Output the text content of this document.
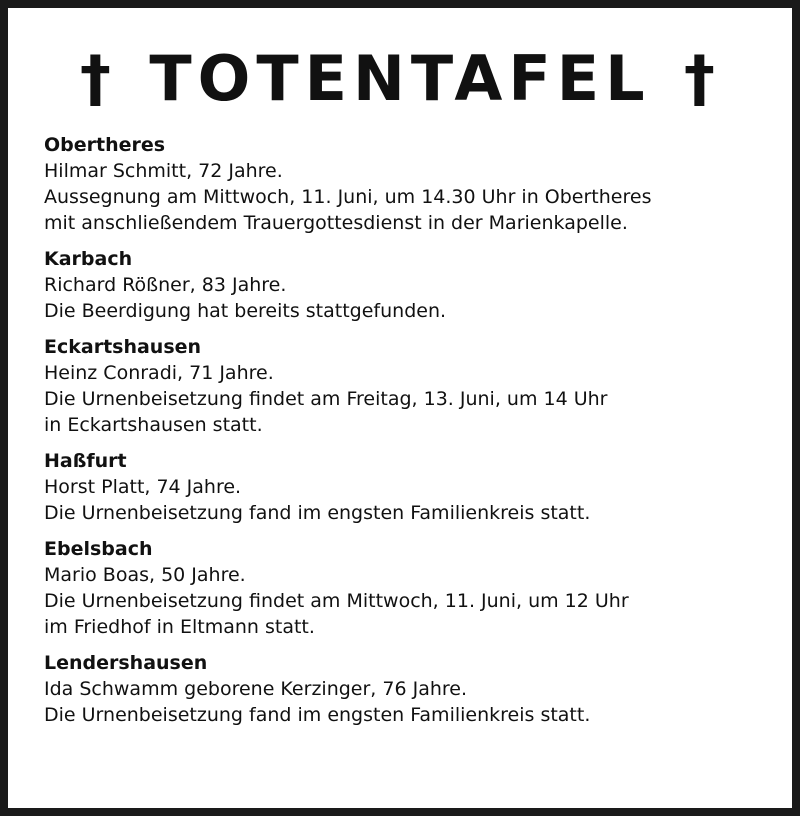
† TOTENTAFEL †
Obertheres
Hilmar Schmitt, 72 Jahre.
Aussegnung am Mittwoch, 11. Juni, um 14.30 Uhr in Obertheres
mit anschließendem Trauergottesdienst in der Marienkapelle.
Karbach
Richard Rößner, 83 Jahre.
Die Beerdigung hat bereits stattgefunden.
Eckartshausen
Heinz Conradi, 71 Jahre.
Die Urnenbeisetzung findet am Freitag, 13. Juni, um 14 Uhr
in Eckartshausen statt.
Haßfurt
Horst Platt, 74 Jahre.
Die Urnenbeisetzung fand im engsten Familienkreis statt.
Ebelsbach
Mario Boas, 50 Jahre.
Die Urnenbeisetzung findet am Mittwoch, 11. Juni, um 12 Uhr
im Friedhof in Eltmann statt.
Lendershausen
Ida Schwamm geborene Kerzinger, 76 Jahre.
Die Urnenbeisetzung fand im engsten Familienkreis statt.
